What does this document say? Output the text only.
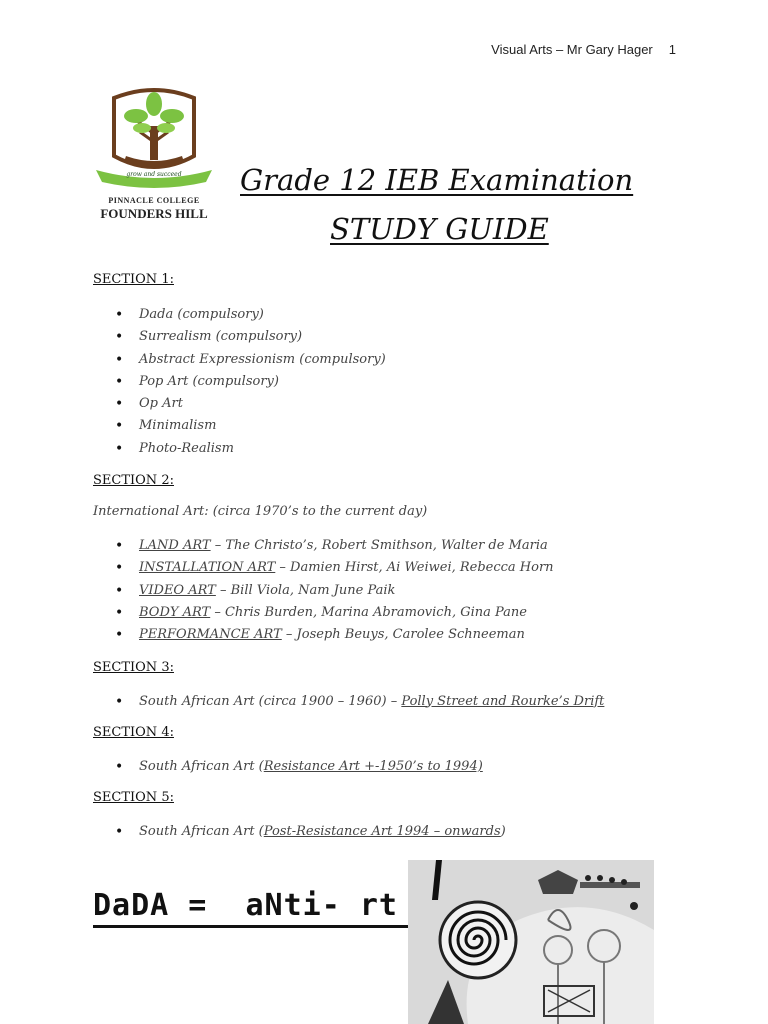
Visual Arts – Mr Gary Hager 1
grow and succeed
PINNACLE COLLEGE
FOUNDERS HILL
Grade 12 IEB Examination
STUDY GUIDE
SECTION 1:
• Dada (compulsory)
• Surrealism (compulsory)
• Abstract Expressionism (compulsory)
• Pop Art (compulsory)
• Op Art
• Minimalism
• Photo-Realism
SECTION 2:
International Art: (circa 1970’s to the current day)
• LAND ART – The Christo’s, Robert Smithson, Walter de Maria
• INSTALLATION ART – Damien Hirst, Ai Weiwei, Rebecca Horn
• VIDEO ART – Bill Viola, Nam June Paik
• BODY ART – Chris Burden, Marina Abramovich, Gina Pane
• PERFORMANCE ART – Joseph Beuys, Carolee Schneeman
SECTION 3:
• South African Art (circa 1900 – 1960) – Polly Street and Rourke’s Drift
SECTION 4:
• South African Art (Resistance Art +-1950’s to 1994)
SECTION 5:
• South African Art (Post-Resistance Art 1994 – onwards)
DaDA =  aNti- rt
